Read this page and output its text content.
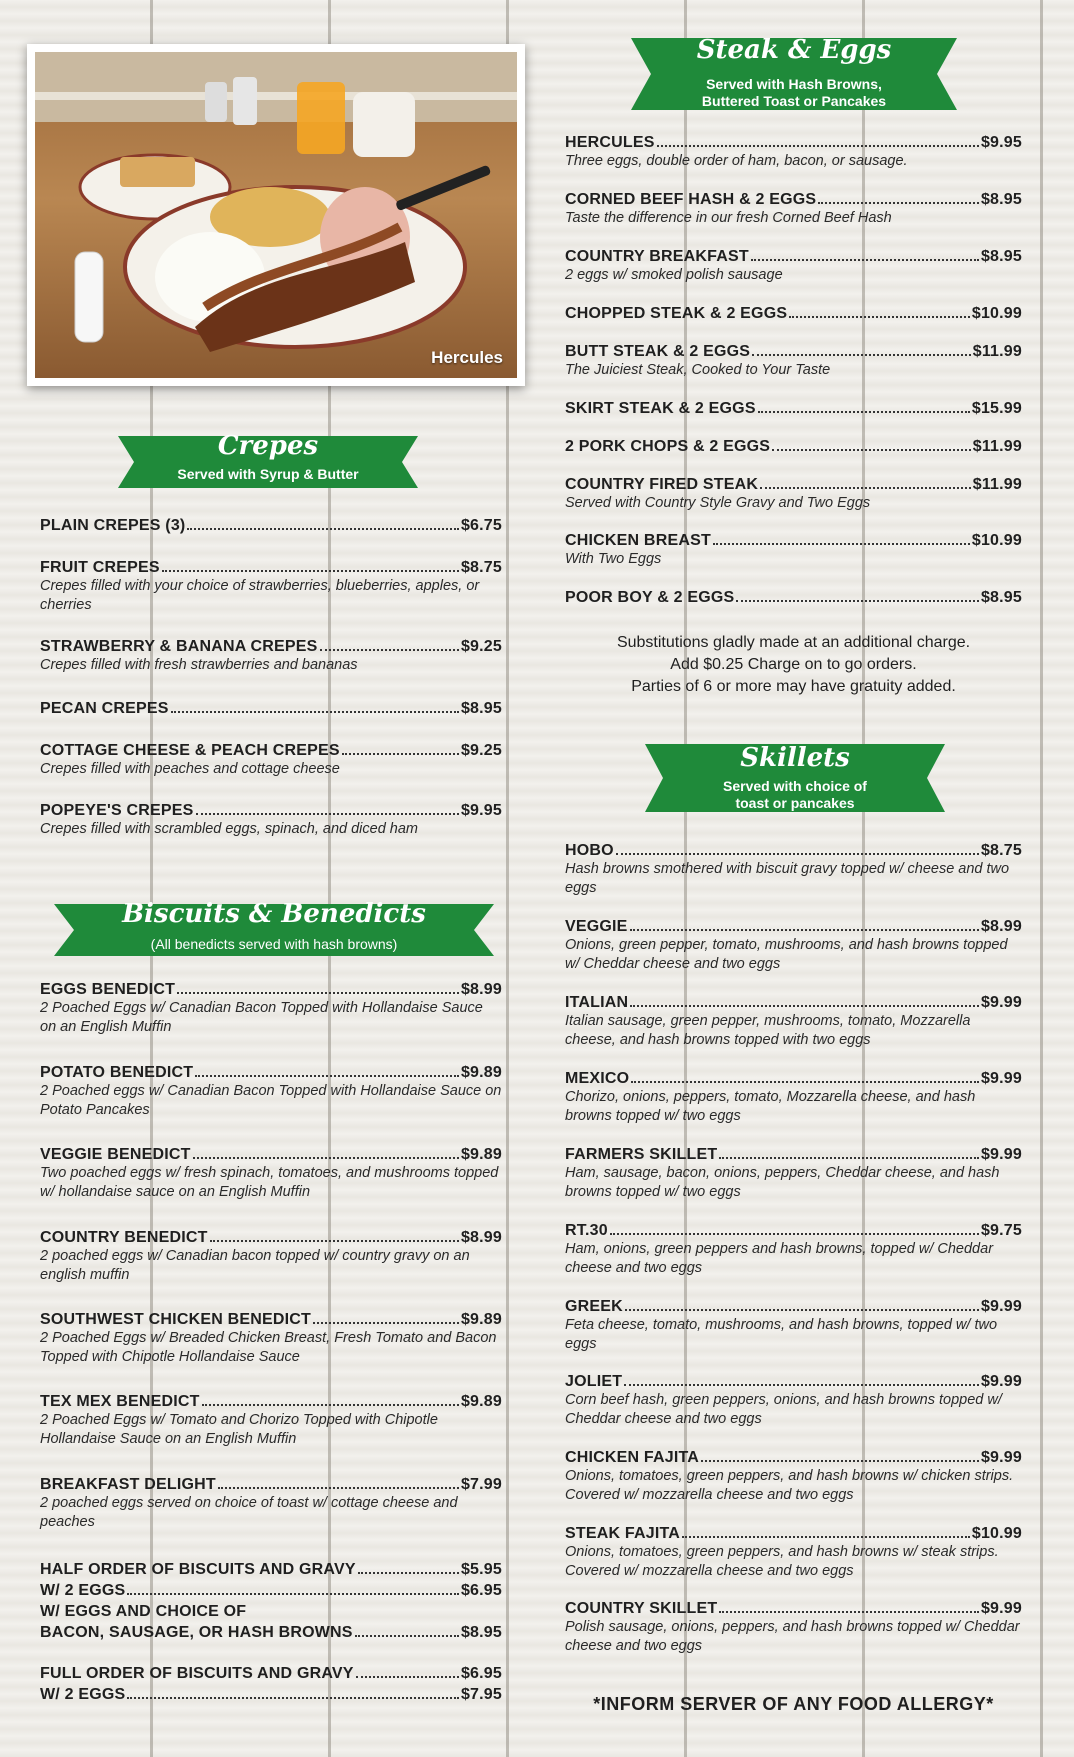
Hercules
Crepes
Served with Syrup & Butter
PLAIN CREPES (3)	$6.75
FRUIT CREPES	$8.75
Crepes filled with your choice of strawberries, blueberries, apples, or cherries
STRAWBERRY & BANANA CREPES	$9.25
Crepes filled with fresh strawberries and bananas
PECAN CREPES	$8.95
COTTAGE CHEESE & PEACH CREPES	$9.25
Crepes filled with peaches and cottage cheese
POPEYE'S CREPES	$9.95
Crepes filled with scrambled eggs, spinach, and diced ham
Biscuits & Benedicts
(All benedicts served with hash browns)
EGGS BENEDICT	$8.99
2 Poached Eggs w/ Canadian Bacon Topped with Hollandaise Sauce on an English Muffin
POTATO BENEDICT	$9.89
2 Poached eggs w/ Canadian Bacon Topped with Hollandaise Sauce on Potato Pancakes
VEGGIE BENEDICT	$9.89
Two poached eggs w/ fresh spinach, tomatoes, and mushrooms topped w/ hollandaise sauce on an English Muffin
COUNTRY BENEDICT	$8.99
2 poached eggs w/ Canadian bacon topped w/ country gravy on an english muffin
SOUTHWEST CHICKEN BENEDICT	$9.89
2 Poached Eggs w/ Breaded Chicken Breast, Fresh Tomato and Bacon Topped with Chipotle Hollandaise Sauce
TEX MEX BENEDICT	$9.89
2 Poached Eggs w/ Tomato and Chorizo Topped with Chipotle Hollandaise Sauce on an English Muffin
BREAKFAST DELIGHT	$7.99
2 poached eggs served on choice of toast w/ cottage cheese and peaches
HALF ORDER OF BISCUITS AND GRAVY	$5.95
W/ 2 EGGS	$6.95
W/ EGGS AND CHOICE OF
BACON, SAUSAGE, OR HASH BROWNS	$8.95
FULL ORDER OF BISCUITS AND GRAVY	$6.95
W/ 2 EGGS	$7.95
Steak & Eggs
Served with Hash Browns,
Buttered Toast or Pancakes
HERCULES	$9.95
Three eggs, double order of ham, bacon, or sausage.
CORNED BEEF HASH & 2 EGGS	$8.95
Taste the difference in our fresh Corned Beef Hash
COUNTRY BREAKFAST	$8.95
2 eggs w/ smoked polish sausage
CHOPPED STEAK & 2 EGGS	$10.99
BUTT STEAK & 2 EGGS	$11.99
The Juiciest Steak, Cooked to Your Taste
SKIRT STEAK & 2 EGGS	$15.99
2 PORK CHOPS & 2 EGGS	$11.99
COUNTRY FIRED STEAK	$11.99
Served with Country Style Gravy and Two Eggs
CHICKEN BREAST	$10.99
With Two Eggs
POOR BOY & 2 EGGS	$8.95
Substitutions gladly made at an additional charge.
Add $0.25 Charge on to go orders.
Parties of 6 or more may have gratuity added.
Skillets
Served with choice of
toast or pancakes
HOBO	$8.75
Hash browns smothered with biscuit gravy topped w/ cheese and two eggs
VEGGIE	$8.99
Onions, green pepper, tomato, mushrooms, and hash browns topped w/ Cheddar cheese and two eggs
ITALIAN	$9.99
Italian sausage, green pepper, mushrooms, tomato, Mozzarella cheese, and hash browns topped with two eggs
MEXICO	$9.99
Chorizo, onions, peppers, tomato, Mozzarella cheese, and hash browns topped w/ two eggs
FARMERS SKILLET	$9.99
Ham, sausage, bacon, onions, peppers, Cheddar cheese, and hash browns topped w/ two eggs
RT.30	$9.75
Ham, onions, green peppers and hash browns, topped w/ Cheddar cheese and two eggs
GREEK	$9.99
Feta cheese, tomato, mushrooms, and hash browns, topped w/ two eggs
JOLIET	$9.99
Corn beef hash, green peppers, onions, and hash browns topped w/ Cheddar cheese and two eggs
CHICKEN FAJITA	$9.99
Onions, tomatoes, green peppers, and hash browns w/ chicken strips. Covered w/ mozzarella cheese and two eggs
STEAK FAJITA	$10.99
Onions, tomatoes, green peppers, and hash browns w/ steak strips. Covered w/ mozzarella cheese and two eggs
COUNTRY SKILLET	$9.99
Polish sausage, onions, peppers, and hash browns topped w/ Cheddar cheese and two eggs
*INFORM SERVER OF ANY FOOD ALLERGY*
